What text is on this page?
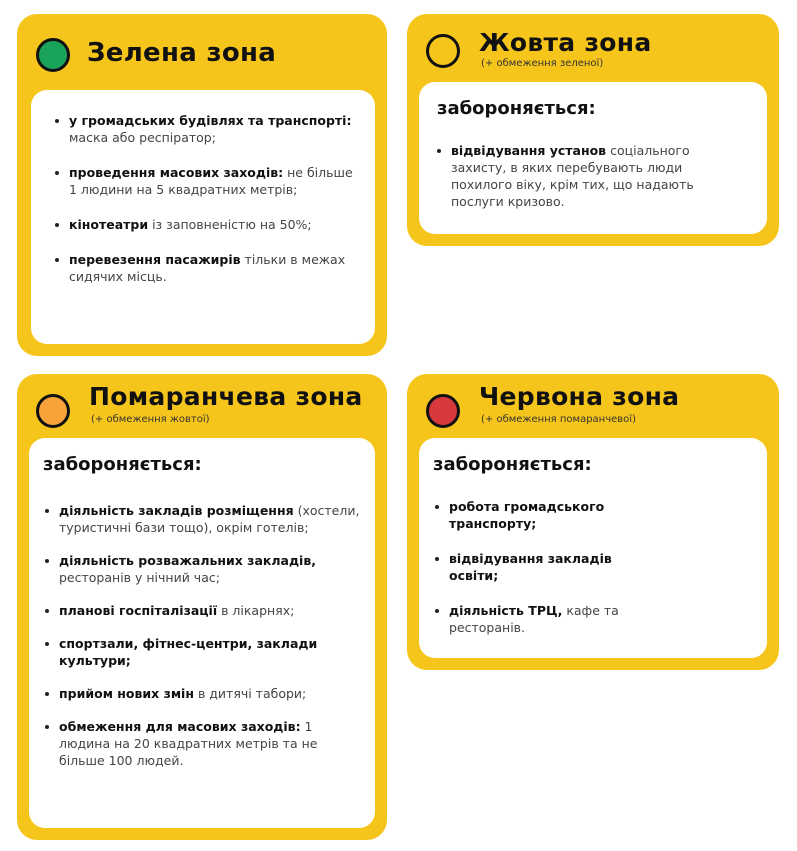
Зелена зона
у громадських будівлях та транспорті: маска або респіратор;
проведення масових заходів: не більше 1 людини на 5 квадратних метрів;
кінотеатри із заповненістю на 50%;
перевезення пасажирів тільки в межах сидячих місць.
Жовта зона
(+ обмеження зеленої)
забороняється:
відвідування установ соціального захисту, в яких перебувають люди похилого віку, крім тих, що надають послуги кризово.
Помаранчева зона
(+ обмеження жовтої)
забороняється:
діяльність закладів розміщення (хостели, туристичні бази тощо), окрім готелів;
діяльність розважальних закладів, ресторанів у нічний час;
планові госпіталізації в лікарнях;
спортзали, фітнес-центри, заклади культури;
прийом нових змін в дитячі табори;
обмеження для масових заходів: 1 людина на 20 квадратних метрів та не більше 100 людей.
Червона зона
(+ обмеження помаранчевої)
забороняється:
робота громадського транспорту;
відвідування закладів освіти;
діяльність ТРЦ, кафе та ресторанів.
